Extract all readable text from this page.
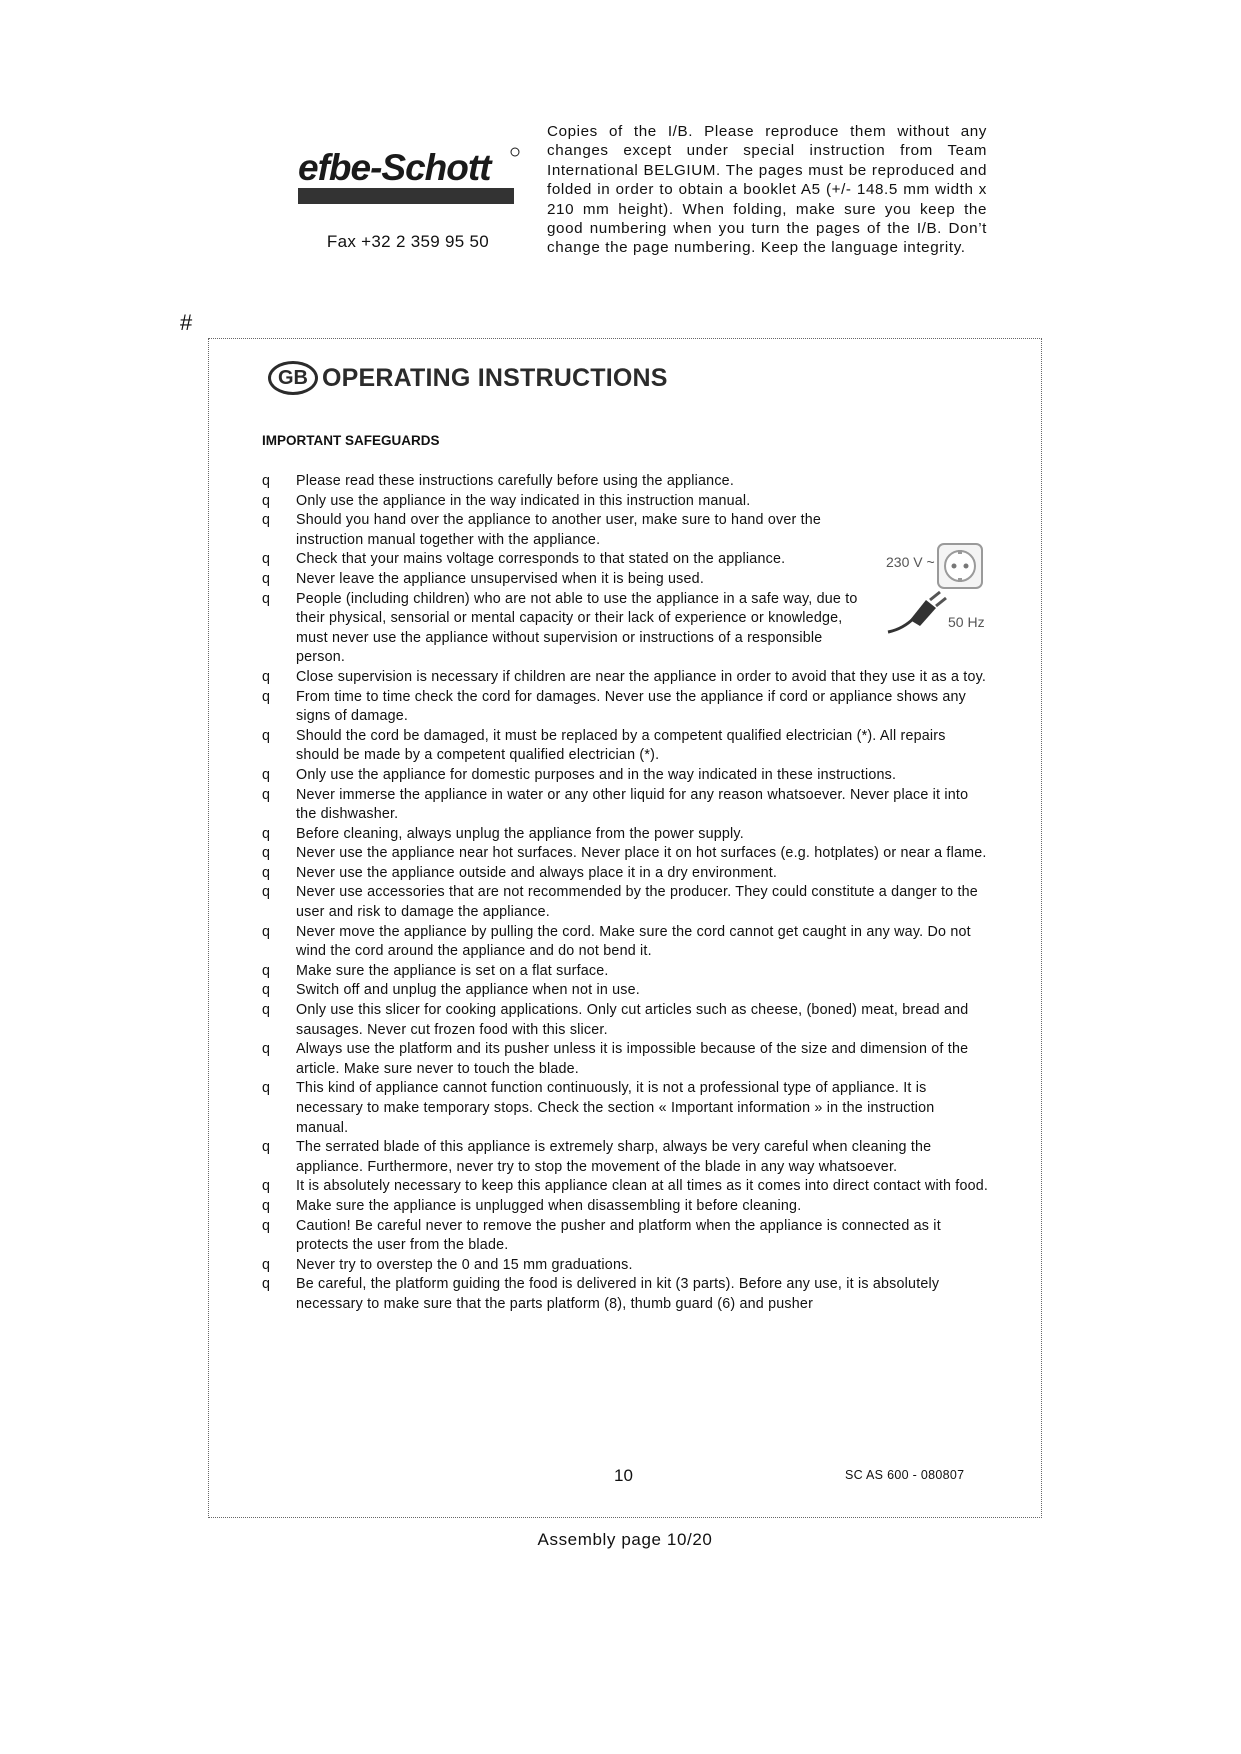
efbe-Schott
Fax +32 2 359 95 50

Copies of the I/B. Please reproduce them without any changes except under special instruction from Team International BELGIUM. The pages must be reproduced and folded in order to obtain a booklet A5 (+/- 148.5 mm width x 210 mm height). When folding, make sure you keep the good numbering when you turn the pages of the I/B. Don’t change the page numbering. Keep the language integrity.

#
GB OPERATING INSTRUCTIONS
IMPORTANT SAFEGUARDS
q Please read these instructions carefully before using the appliance.
q Only use the appliance in the way indicated in this instruction manual.
q Should you hand over the appliance to another user, make sure to hand over the instruction manual together with the appliance.
q Check that your mains voltage corresponds to that stated on the appliance.
q Never leave the appliance unsupervised when it is being used.
q People (including children) who are not able to use the appliance in a safe way, due to their physical, sensorial or mental capacity or their lack of experience or knowledge, must never use the appliance without supervision or instructions of a responsible person.
q Close supervision is necessary if children are near the appliance in order to avoid that they use it as a toy.
q From time to time check the cord for damages. Never use the appliance if cord or appliance shows any signs of damage.
q Should the cord be damaged, it must be replaced by a competent qualified electrician (*). All repairs should be made by a competent qualified electrician (*).
q Only use the appliance for domestic purposes and in the way indicated in these instructions.
q Never immerse the appliance in water or any other liquid for any reason whatsoever. Never place it into the dishwasher.
q Before cleaning, always unplug the appliance from the power supply.
q Never use the appliance near hot surfaces. Never place it on hot surfaces (e.g. hotplates) or near a flame.
q Never use the appliance outside and always place it in a dry environment.
q Never use accessories that are not recommended by the producer. They could constitute a danger to the user and risk to damage the appliance.
q Never move the appliance by pulling the cord. Make sure the cord cannot get caught in any way. Do not wind the cord around the appliance and do not bend it.
q Make sure the appliance is set on a flat surface.
q Switch off and unplug the appliance when not in use.
q Only use this slicer for cooking applications. Only cut articles such as cheese, (boned) meat, bread and sausages. Never cut frozen food with this slicer.
q Always use the platform and its pusher unless it is impossible because of the size and dimension of the article. Make sure never to touch the blade.
q This kind of appliance cannot function continuously, it is not a professional type of appliance. It is necessary to make temporary stops. Check the section « Important information » in the instruction manual.
q The serrated blade of this appliance is extremely sharp, always be very careful when cleaning the appliance. Furthermore, never try to stop the movement of the blade in any way whatsoever.
q It is absolutely necessary to keep this appliance clean at all times as it comes into direct contact with food.
q Make sure the appliance is unplugged when disassembling it before cleaning.
q Caution! Be careful never to remove the pusher and platform when the appliance is connected as it protects the user from the blade.
q Never try to overstep the 0 and 15 mm graduations.
q Be careful, the platform guiding the food is delivered in kit (3 parts). Before any use, it is absolutely necessary to make sure that the parts platform (8), thumb guard (6) and pusher
230 V ~
50 Hz
10	SC AS 600 - 080807
Assembly page 10/20
